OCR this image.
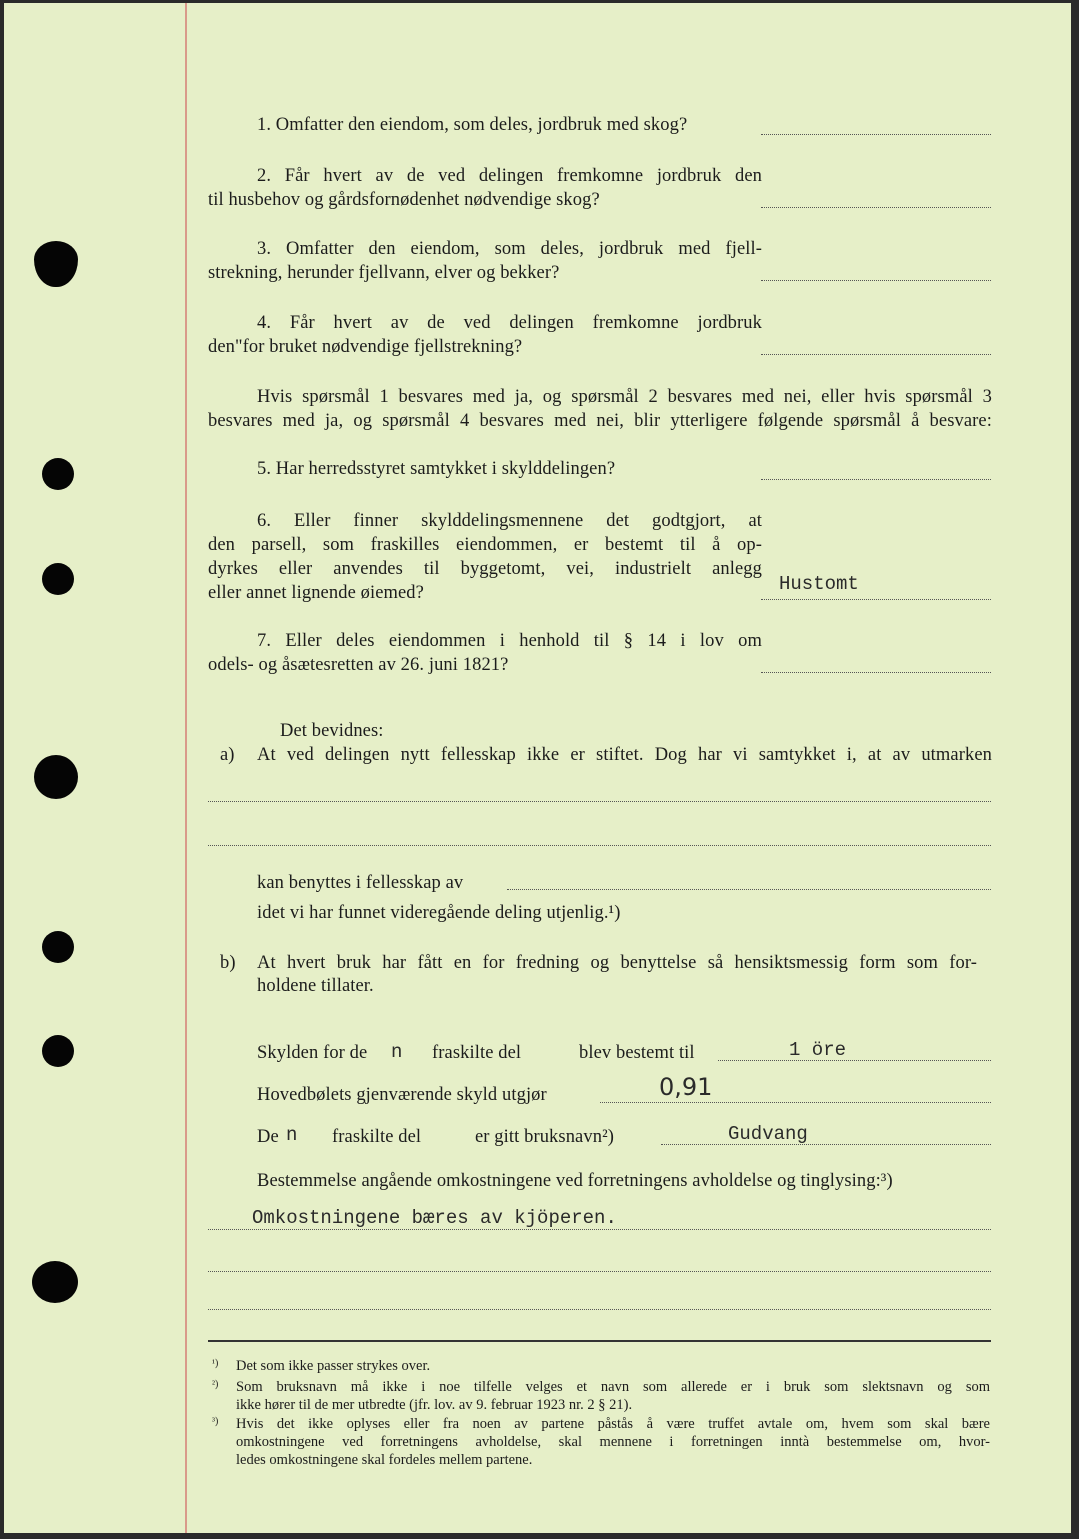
1. Omfatter den eiendom, som deles, jordbruk med skog?
2. Får hvert av de ved delingen fremkomne jordbruk den
til husbehov og gårdsfornødenhet nødvendige skog?
3. Omfatter den eiendom, som deles, jordbruk med fjell-
strekning, herunder fjellvann, elver og bekker?
4. Får hvert av de ved delingen fremkomne jordbruk
den"for bruket nødvendige fjellstrekning?
Hvis spørsmål 1 besvares med ja, og spørsmål 2 besvares med nei, eller hvis spørsmål 3
besvares med ja, og spørsmål 4 besvares med nei, blir ytterligere følgende spørsmål å besvare:
5. Har herredsstyret samtykket i skylddelingen?
6. Eller finner skylddelingsmennene det godtgjort, at
den parsell, som fraskilles eiendommen, er bestemt til å op-
dyrkes eller anvendes til byggetomt, vei, industrielt anlegg
eller annet lignende øiemed?	Hustomt
7. Eller deles eiendommen i henhold til § 14 i lov om
odels- og åsætesretten av 26. juni 1821?
Det bevidnes:
a) At ved delingen nytt fellesskap ikke er stiftet. Dog har vi samtykket i, at av utmarken
kan benyttes i fellesskap av
idet vi har funnet videregående deling utjenlig.¹)
b) At hvert bruk har fått en for fredning og benyttelse så hensiktsmessig form som for-
holdene tillater.
Skylden for de n fraskilte del	blev bestemt til	1 öre
Hovedbølets gjenværende skyld utgjør	0,91
De n fraskilte del	er gitt bruksnavn²)	Gudvang
Bestemmelse angående omkostningene ved forretningens avholdelse og tinglysing:³)
Omkostningene bæres av kjöperen.
¹) Det som ikke passer strykes over.
²) Som bruksnavn må ikke i noe tilfelle velges et navn som allerede er i bruk som slektsnavn og som
ikke hører til de mer utbredte (jfr. lov. av 9. februar 1923 nr. 2 § 21).
³) Hvis det ikke oplyses eller fra noen av partene påstås å være truffet avtale om, hvem som skal bære
omkostningene ved forretningens avholdelse, skal mennene i forretningen inntà bestemmelse om, hvor-
ledes omkostningene skal fordeles mellem partene.
